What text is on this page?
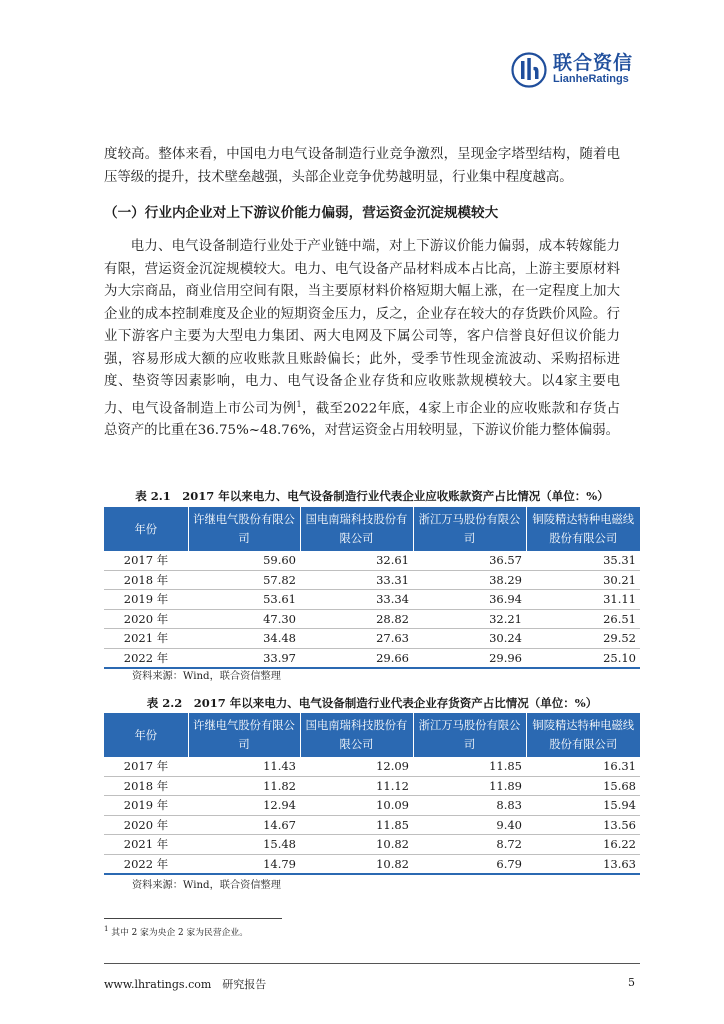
联合资信
LianheRatings

度较高。整体来看，中国电力电气设备制造行业竞争激烈，呈现金字塔型结构，随着电压等级的提升，技术壁垒越强，头部企业竞争优势越明显，行业集中程度越高。

（一）行业内企业对上下游议价能力偏弱，营运资金沉淀规模较大

电力、电气设备制造行业处于产业链中端，对上下游议价能力偏弱，成本转嫁能力有限，营运资金沉淀规模较大。电力、电气设备产品材料成本占比高，上游主要原材料为大宗商品，商业信用空间有限，当主要原材料价格短期大幅上涨，在一定程度上加大企业的成本控制难度及企业的短期资金压力，反之，企业存在较大的存货跌价风险。行业下游客户主要为大型电力集团、两大电网及下属公司等，客户信誉良好但议价能力强，容易形成大额的应收账款且账龄偏长；此外，受季节性现金流波动、采购招标进度、垫资等因素影响，电力、电气设备企业存货和应收账款规模较大。以4家主要电力、电气设备制造上市公司为例$^1$，截至2022年底，4家上市企业的应收账款和存货占总资产的比重在36.75%~48.76%，对营运资金占用较明显，下游议价能力整体偏弱。

表 2.1　2017 年以来电力、电气设备制造行业代表企业应收账款资产占比情况（单位：%）

年份	许继电气股份有限公司	国电南瑞科技股份有限公司	浙江万马股份有限公司	铜陵精达特种电磁线股份有限公司
2017 年	59.60	32.61	36.57	35.31
2018 年	57.82	33.31	38.29	30.21
2019 年	53.61	33.34	36.94	31.11
2020 年	47.30	28.82	32.21	26.51
2021 年	34.48	27.63	30.24	29.52
2022 年	33.97	29.66	29.96	25.10

资料来源：Wind，联合资信整理

表 2.2　2017 年以来电力、电气设备制造行业代表企业存货资产占比情况（单位：%）

年份	许继电气股份有限公司	国电南瑞科技股份有限公司	浙江万马股份有限公司	铜陵精达特种电磁线股份有限公司
2017 年	11.43	12.09	11.85	16.31
2018 年	11.82	11.12	11.89	15.68
2019 年	12.94	10.09	8.83	15.94
2020 年	14.67	11.85	9.40	13.56
2021 年	15.48	10.82	8.72	16.22
2022 年	14.79	10.82	6.79	13.63

资料来源：Wind，联合资信整理

$^1$ 其中 2 家为央企 2 家为民营企业。

www.lhratings.com　研究报告	5
